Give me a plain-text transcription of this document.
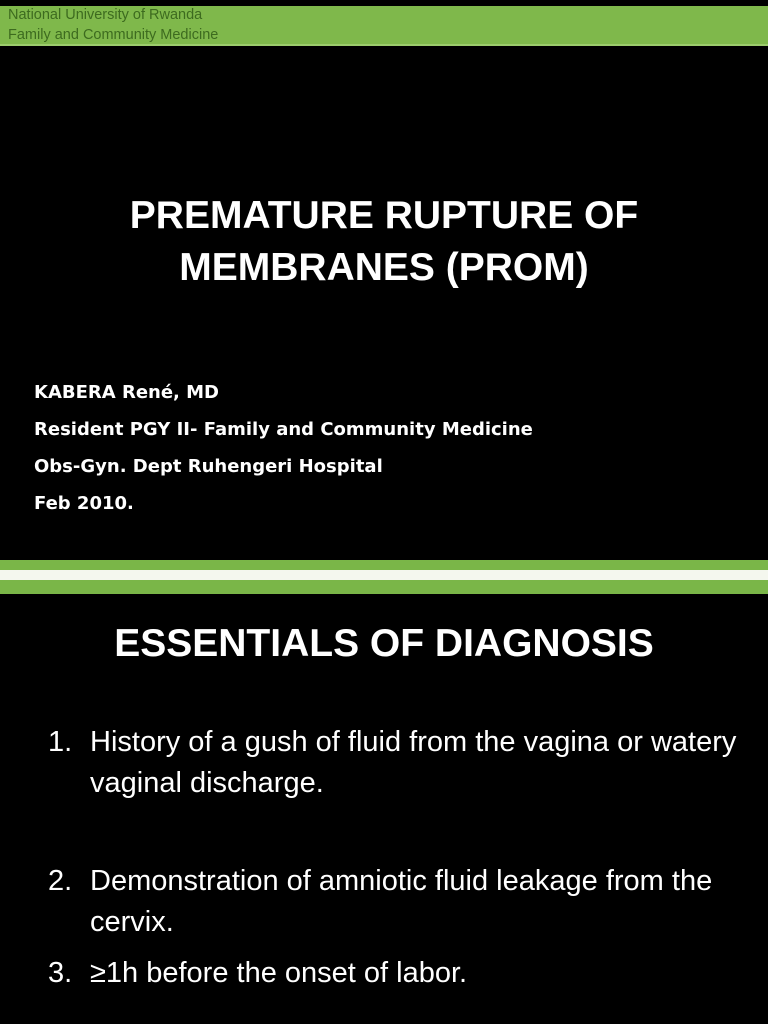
National University of Rwanda
Family and Community Medicine
PREMATURE RUPTURE OF
MEMBRANES (PROM)
KABERA René, MD
Resident PGY II- Family and Community Medicine
Obs-Gyn. Dept Ruhengeri Hospital
Feb 2010.
ESSENTIALS OF DIAGNOSIS
1. History of a gush of fluid from the vagina or watery vaginal discharge.
2. Demonstration of amniotic fluid leakage from the cervix.
3. ≥1h before the onset of labor.
